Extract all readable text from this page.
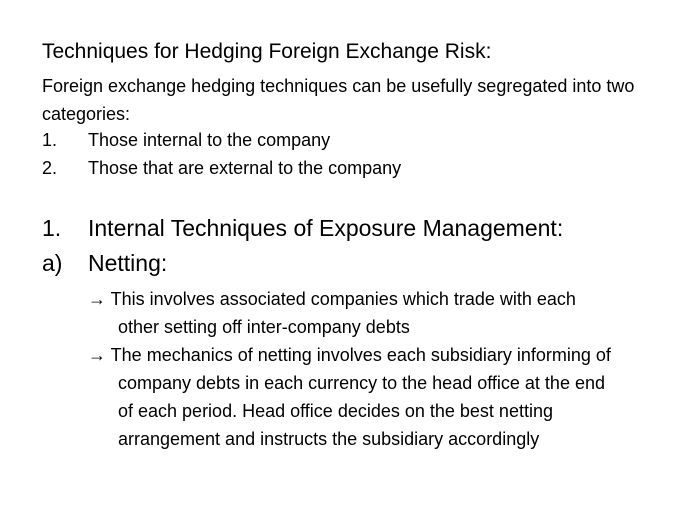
Techniques for Hedging Foreign Exchange Risk:
Foreign exchange hedging techniques can be usefully segregated into two categories:
1. Those internal to the company
2. Those that are external to the company
1. Internal Techniques of Exposure Management:
a) Netting:
→ This involves associated companies which trade with each
other setting off inter-company debts
→ The mechanics of netting involves each subsidiary informing of
company debts in each currency to the head office at the end
of each period. Head office decides on the best netting
arrangement and instructs the subsidiary accordingly
